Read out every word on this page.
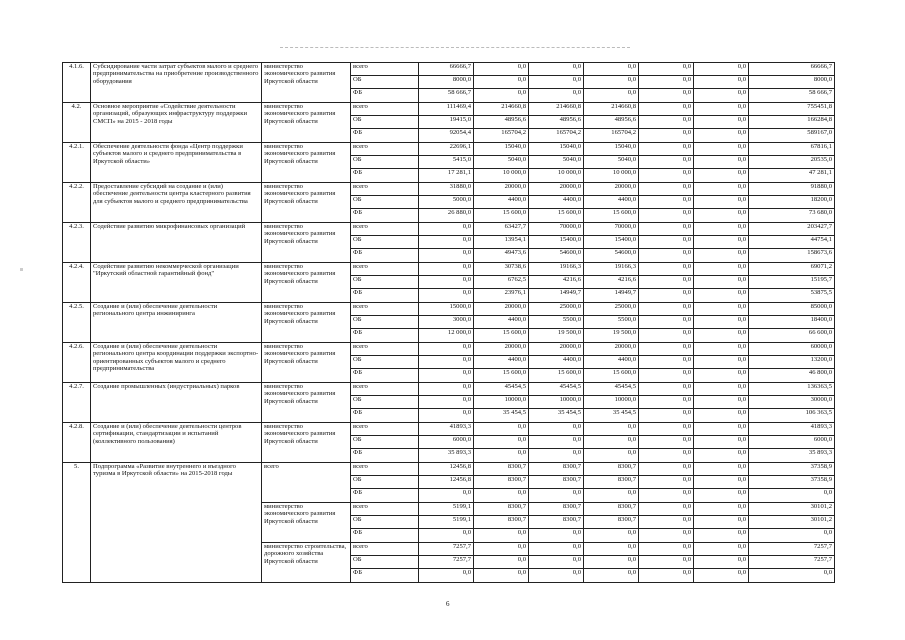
4.1.6.	Субсидирование части затрат субъектов малого и среднего предпринимательства на приобретение производственного оборудования	министерство экономического развития Иркутской области	всего	66666,7	0,0	0,0	0,0	0,0	0,0	66666,7
			ОБ	8000,0	0,0	0,0	0,0	0,0	0,0	8000,0
			ФБ	58 666,7	0,0	0,0	0,0	0,0	0,0	58 666,7
4.2.	Основное мероприятие «Содействие деятельности организаций, образующих инфраструктуру поддержки СМСП» на 2015 - 2018 годы	министерство экономического развития Иркутской области	всего	111469,4	214660,8	214660,8	214660,8	0,0	0,0	755451,8
			ОБ	19415,0	48956,6	48956,6	48956,6	0,0	0,0	166284,8
			ФБ	92054,4	165704,2	165704,2	165704,2	0,0	0,0	589167,0
4.2.1.	Обеспечение деятельности фонда «Центр поддержки субъектов малого и среднего предпринимательства в Иркутской области»	министерство экономического развития Иркутской области	всего	22696,1	15040,0	15040,0	15040,0	0,0	0,0	67816,1
			ОБ	5415,0	5040,0	5040,0	5040,0	0,0	0,0	20535,0
			ФБ	17 281,1	10 000,0	10 000,0	10 000,0	0,0	0,0	47 281,1
4.2.2.	Предоставление субсидий на создание и (или) обеспечение деятельности центра кластерного развития для субъектов малого и среднего предпринимательства	министерство экономического развития Иркутской области	всего	31880,0	20000,0	20000,0	20000,0	0,0	0,0	91880,0
			ОБ	5000,0	4400,0	4400,0	4400,0	0,0	0,0	18200,0
			ФБ	26 880,0	15 600,0	15 600,0	15 600,0	0,0	0,0	73 680,0
4.2.3.	Содействие развитию микрофинансовых организаций	министерство экономического развития Иркутской области	всего	0,0	63427,7	70000,0	70000,0	0,0	0,0	203427,7
			ОБ	0,0	13954,1	15400,0	15400,0	0,0	0,0	44754,1
			ФБ	0,0	49473,6	54600,0	54600,0	0,0	0,0	158673,6
4.2.4.	Содействие развитию некоммерческой организации "Иркутский областной гарантийный фонд"	министерство экономического развития Иркутской области	всего	0,0	30738,6	19166,3	19166,3	0,0	0,0	69071,2
			ОБ	0,0	6762,5	4216,6	4216,6	0,0	0,0	15195,7
			ФБ	0,0	23976,1	14949,7	14949,7	0,0	0,0	53875,5
4.2.5.	Создание и (или) обеспечение деятельности регионального центра инжиниринга	министерство экономического развития Иркутской области	всего	15000,0	20000,0	25000,0	25000,0	0,0	0,0	85000,0
			ОБ	3000,0	4400,0	5500,0	5500,0	0,0	0,0	18400,0
			ФБ	12 000,0	15 600,0	19 500,0	19 500,0	0,0	0,0	66 600,0
4.2.6.	Создание и (или) обеспечение деятельности регионального центра координации поддержки экспортно-ориентированных субъектов малого и среднего предпринимательства	министерство экономического развития Иркутской области	всего	0,0	20000,0	20000,0	20000,0	0,0	0,0	60000,0
			ОБ	0,0	4400,0	4400,0	4400,0	0,0	0,0	13200,0
			ФБ	0,0	15 600,0	15 600,0	15 600,0	0,0	0,0	46 800,0
4.2.7.	Создание промышленных (индустриальных) парков	министерство экономического развития Иркутской области	всего	0,0	45454,5	45454,5	45454,5	0,0	0,0	136363,5
			ОБ	0,0	10000,0	10000,0	10000,0	0,0	0,0	30000,0
			ФБ	0,0	35 454,5	35 454,5	35 454,5	0,0	0,0	106 363,5
4.2.8.	Создание и (или) обеспечение деятельности центров сертификации, стандартизации и испытаний (коллективного пользования)	министерство экономического развития Иркутской области	всего	41893,3	0,0	0,0	0,0	0,0	0,0	41893,3
			ОБ	6000,0	0,0	0,0	0,0	0,0	0,0	6000,0
			ФБ	35 893,3	0,0	0,0	0,0	0,0	0,0	35 893,3
5.	Подпрограмма «Развитие внутреннего и въездного туризма в Иркутской области» на 2015-2018 годы	всего	всего	12456,8	8300,7	8300,7	8300,7	0,0	0,0	37358,9
			ОБ	12456,8	8300,7	8300,7	8300,7	0,0	0,0	37358,9
			ФБ	0,0	0,0	0,0	0,0	0,0	0,0	0,0
		министерство экономического развития Иркутской области	всего	5199,1	8300,7	8300,7	8300,7	0,0	0,0	30101,2
			ОБ	5199,1	8300,7	8300,7	8300,7	0,0	0,0	30101,2
			ФБ	0,0	0,0	0,0	0,0	0,0	0,0	0,0
		министерство строительства, дорожного хозяйства Иркутской области	всего	7257,7	0,0	0,0	0,0	0,0	0,0	7257,7
			ОБ	7257,7	0,0	0,0	0,0	0,0	0,0	7257,7
			ФБ	0,0	0,0	0,0	0,0	0,0	0,0	0,0
6
